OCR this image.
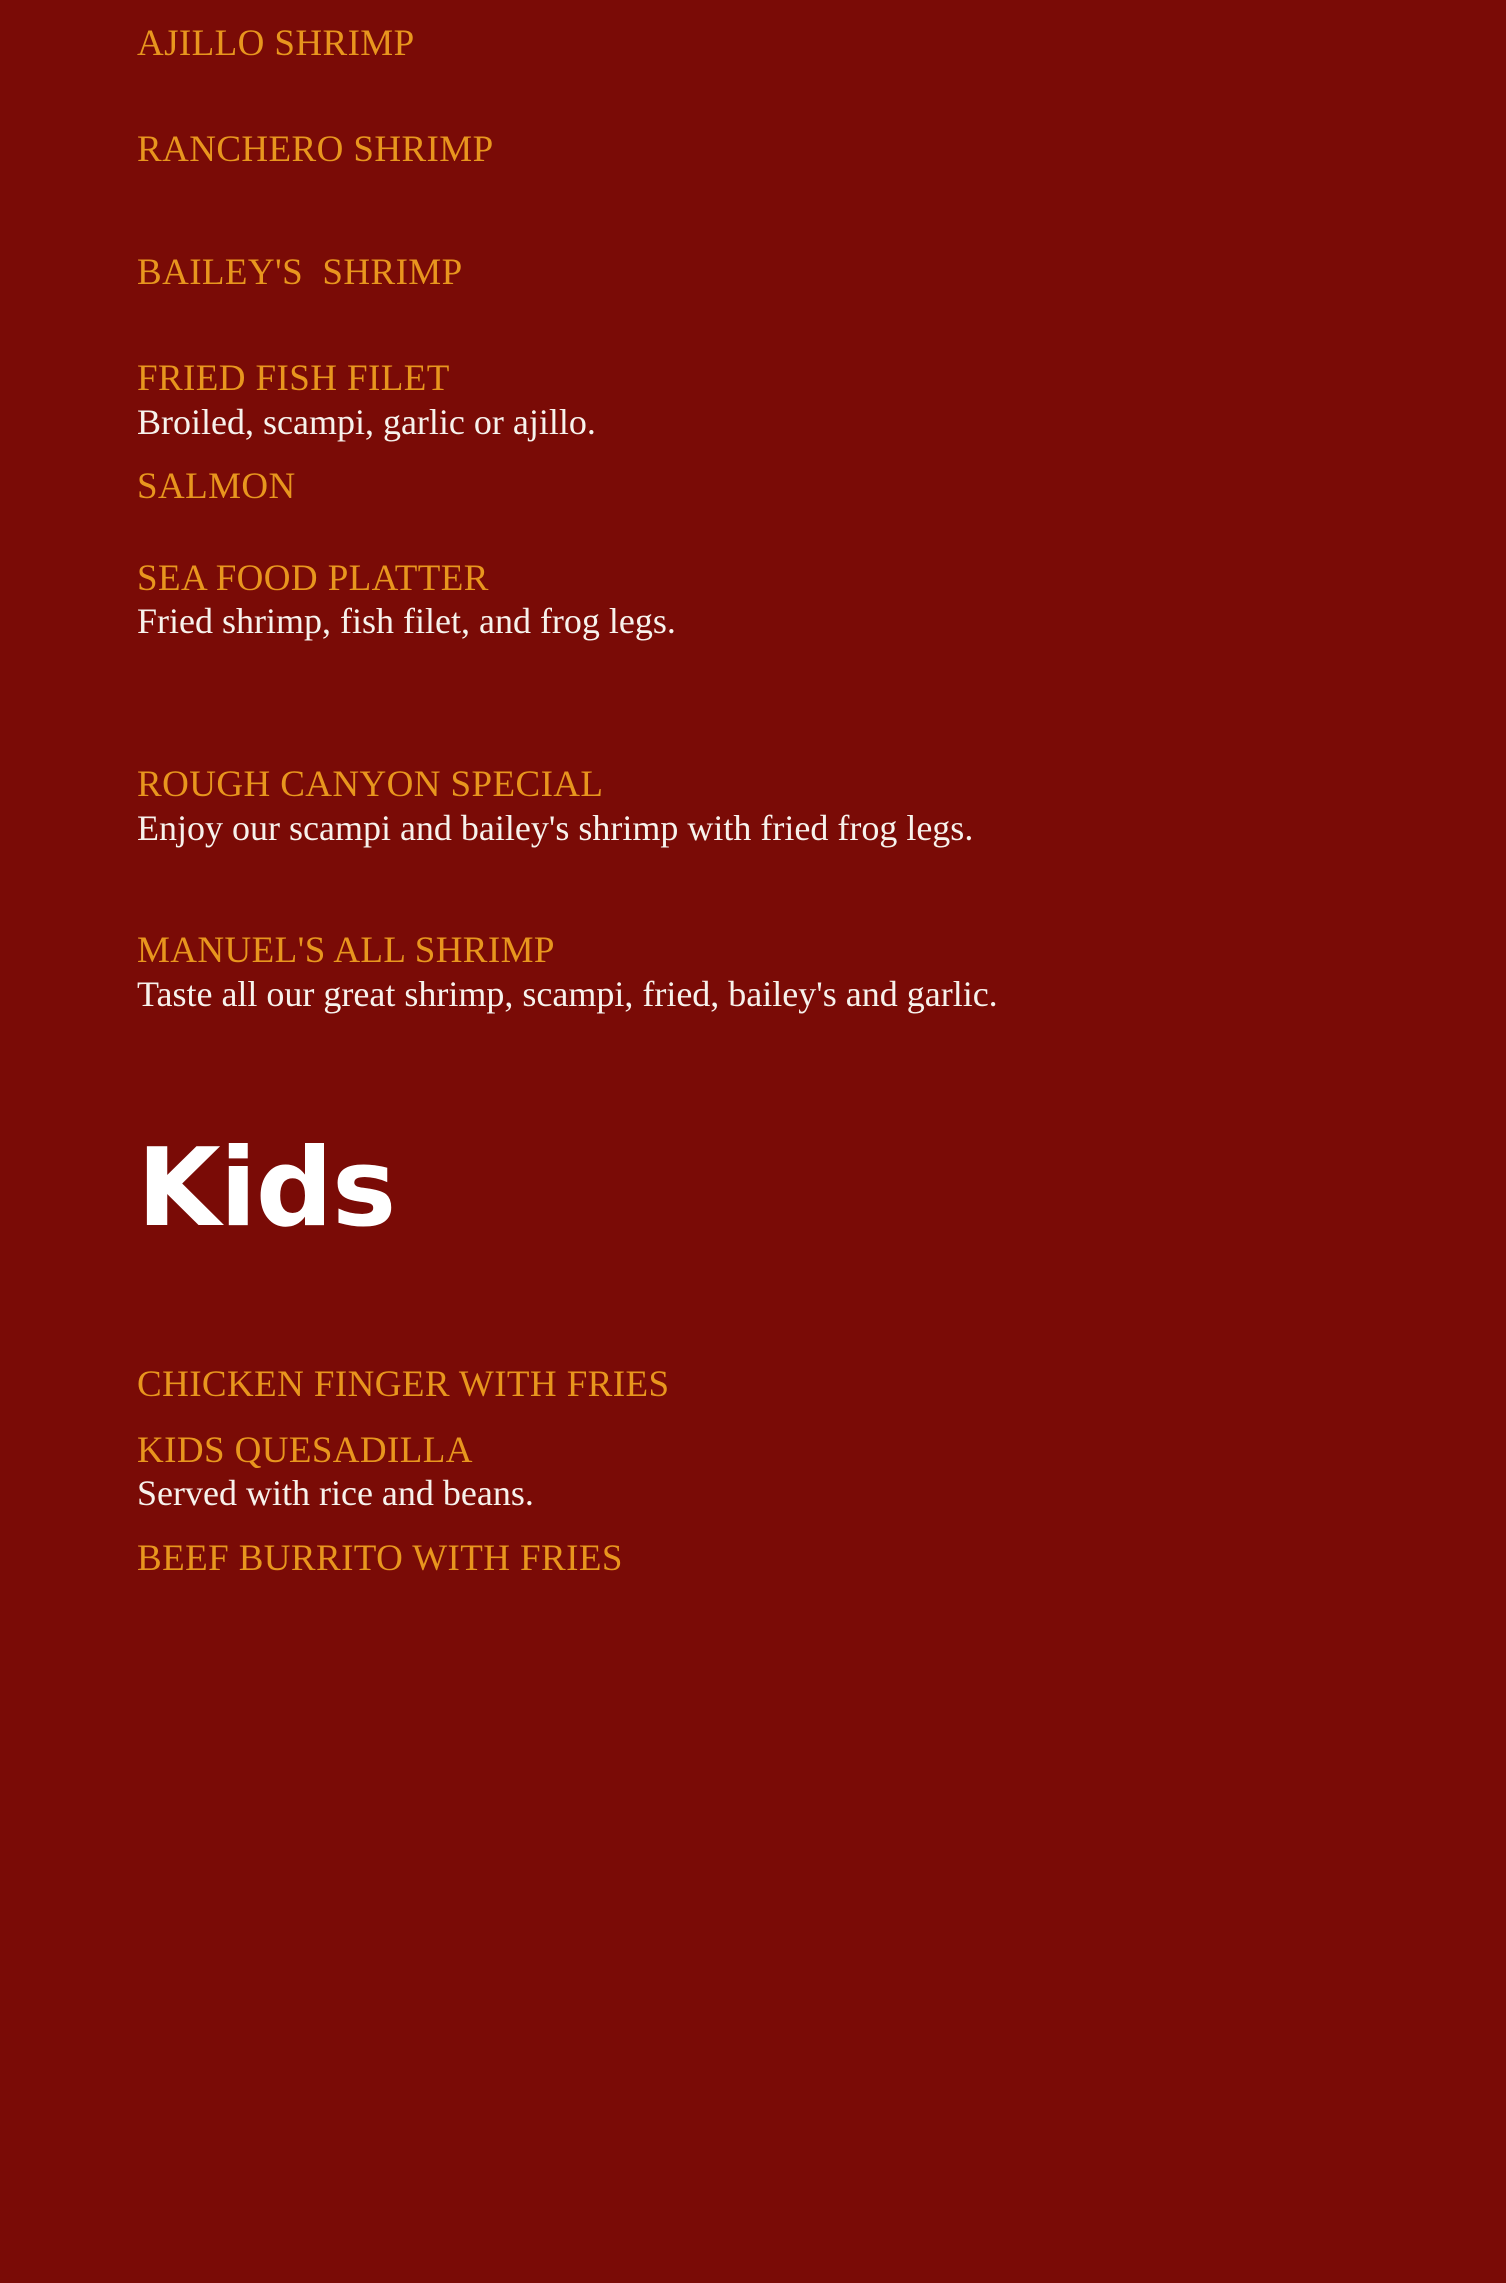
AJILLO SHRIMP
RANCHERO SHRIMP
BAILEY'S  SHRIMP
FRIED FISH FILET
Broiled, scampi, garlic or ajillo.
SALMON
SEA FOOD PLATTER
Fried shrimp, fish filet, and frog legs.
ROUGH CANYON SPECIAL
Enjoy our scampi and bailey's shrimp with fried frog legs.
MANUEL'S ALL SHRIMP
Taste all our great shrimp, scampi, fried, bailey's and garlic.
Kids
CHICKEN FINGER WITH FRIES
KIDS QUESADILLA
Served with rice and beans.
BEEF BURRITO WITH FRIES
